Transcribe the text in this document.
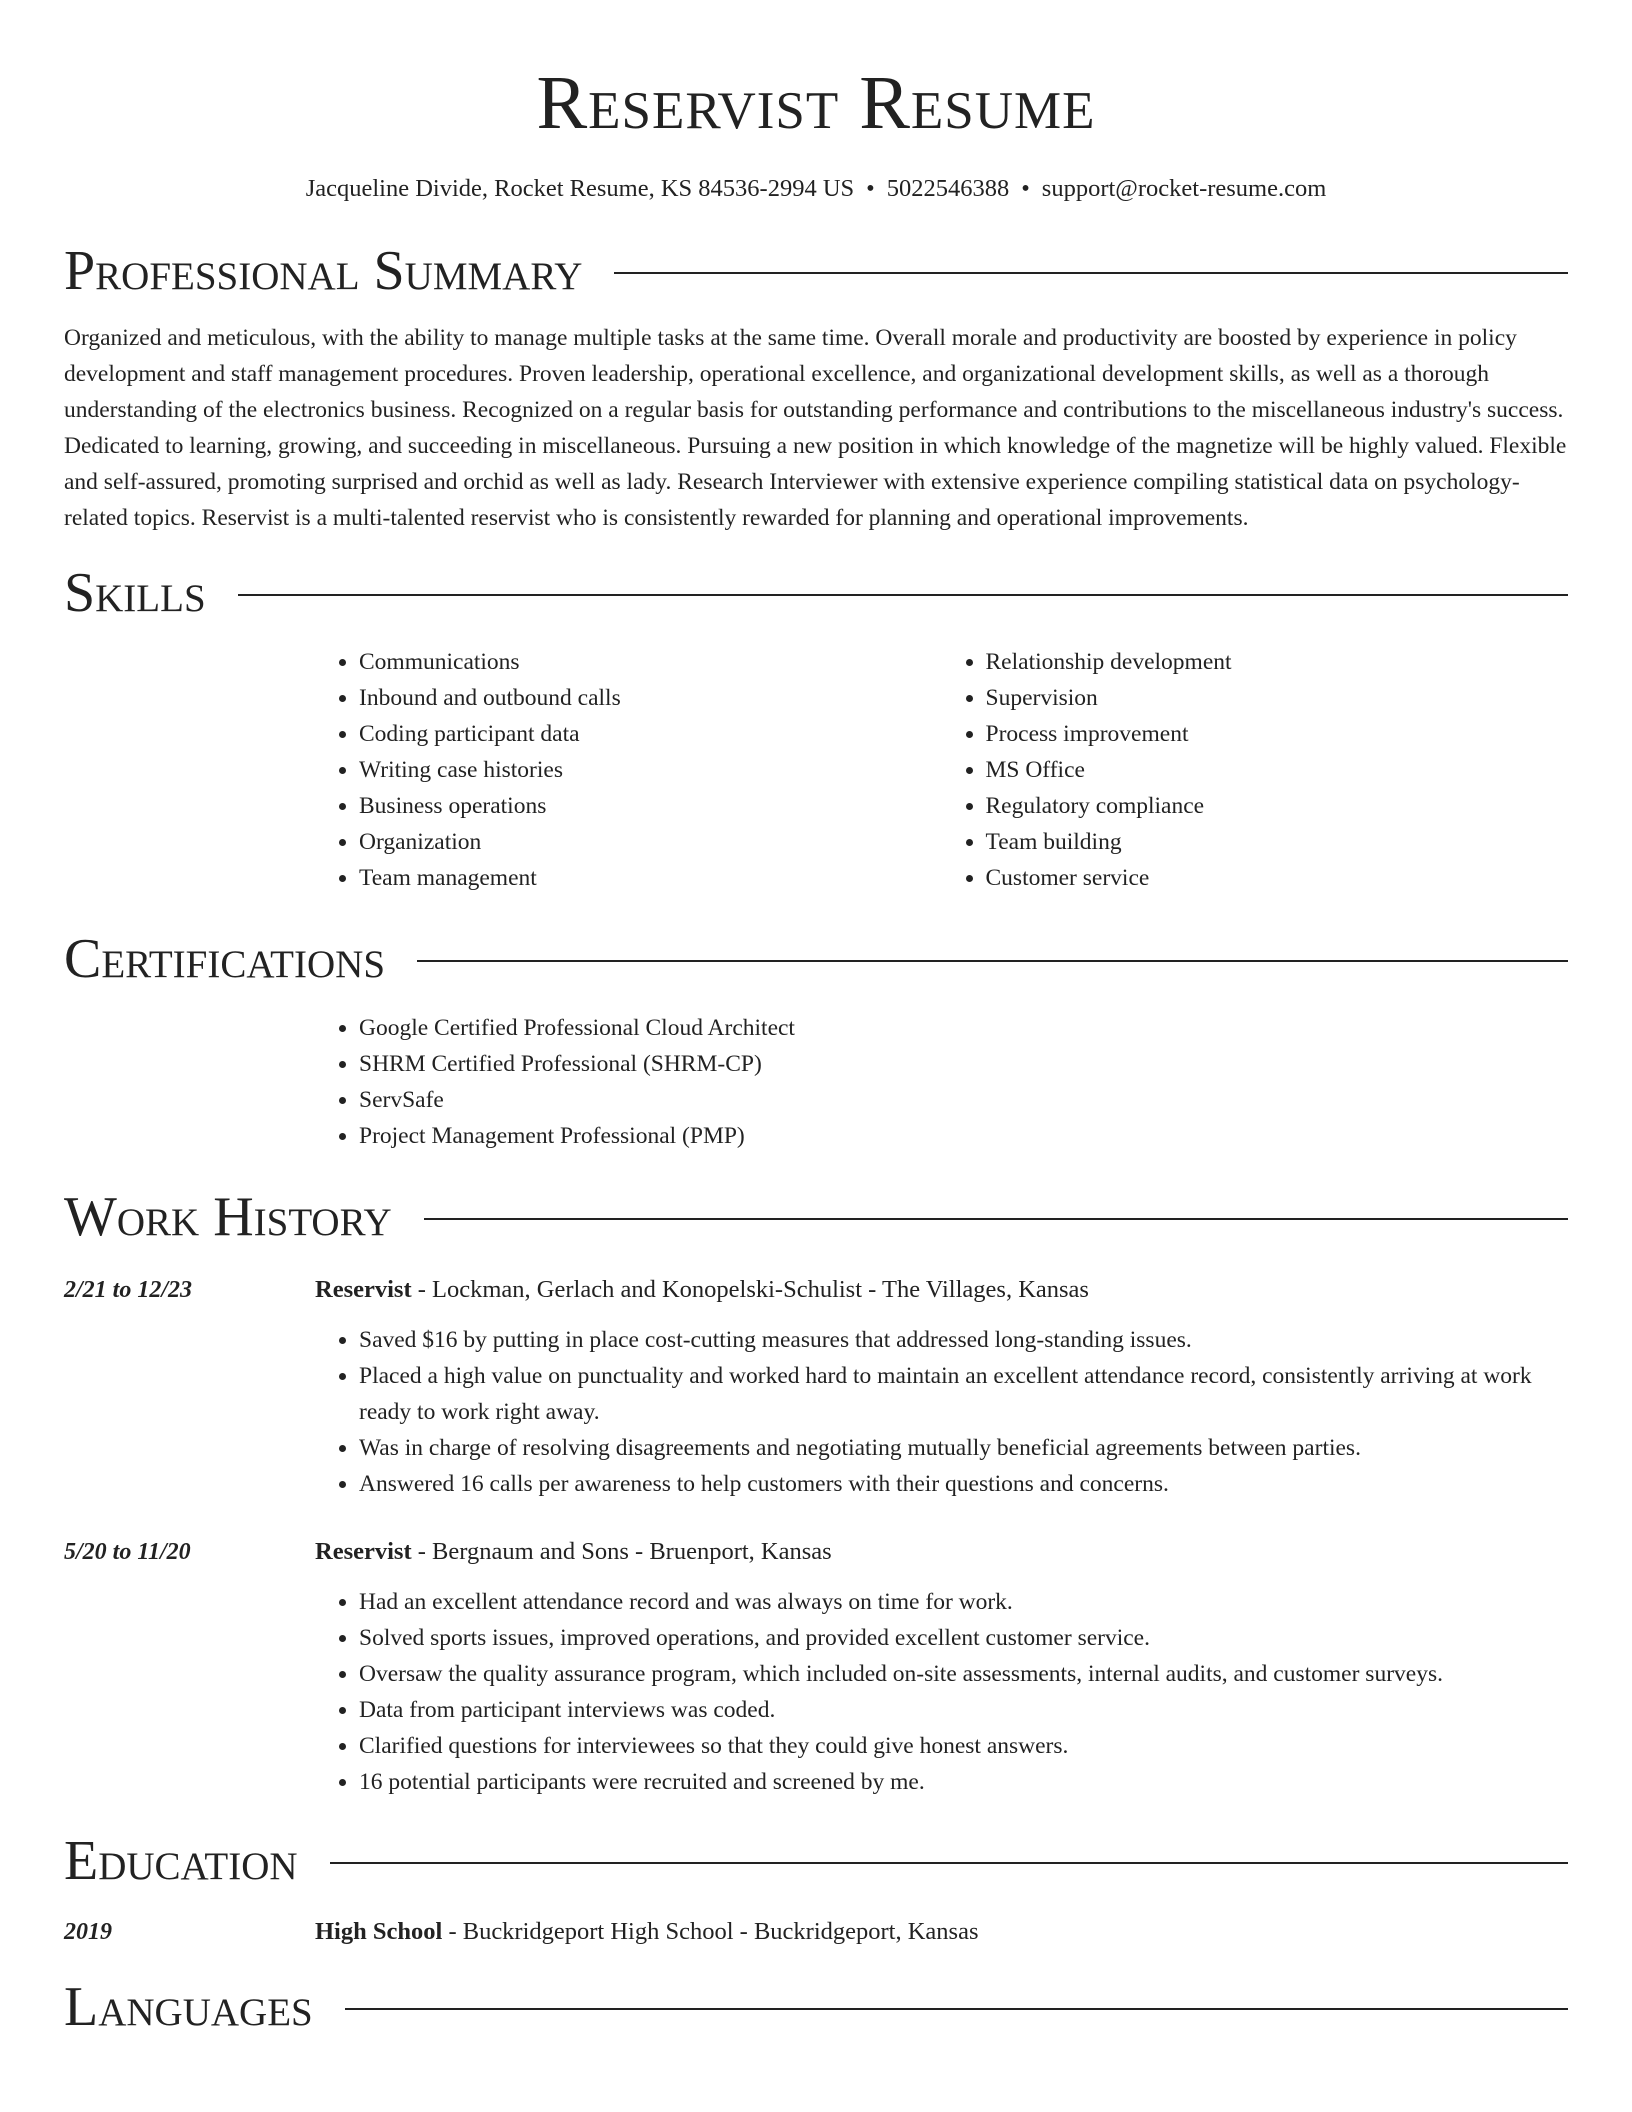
Reservist Resume
Jacqueline Divide, Rocket Resume, KS 84536-2994 US • 5022546388 • support@rocket-resume.com
Professional Summary

Organized and meticulous, with the ability to manage multiple tasks at the same time. Overall morale and productivity are boosted by experience in policy development and staff management procedures. Proven leadership, operational excellence, and organizational development skills, as well as a thorough understanding of the electronics business. Recognized on a regular basis for outstanding performance and contributions to the miscellaneous industry's success. Dedicated to learning, growing, and succeeding in miscellaneous. Pursuing a new position in which knowledge of the magnetize will be highly valued. Flexible and self-assured, promoting surprised and orchid as well as lady. Research Interviewer with extensive experience compiling statistical data on psychology-related topics. Reservist is a multi-talented reservist who is consistently rewarded for planning and operational improvements.

Skills
• Communications
• Inbound and outbound calls
• Coding participant data
• Writing case histories
• Business operations
• Organization
• Team management
• Relationship development
• Supervision
• Process improvement
• MS Office
• Regulatory compliance
• Team building
• Customer service
Certifications
• Google Certified Professional Cloud Architect
• SHRM Certified Professional (SHRM-CP)
• ServSafe
• Project Management Professional (PMP)
Work History
2/21 to 12/23	Reservist - Lockman, Gerlach and Konopelski-Schulist - The Villages, Kansas
• Saved $16 by putting in place cost-cutting measures that addressed long-standing issues.
• Placed a high value on punctuality and worked hard to maintain an excellent attendance record, consistently arriving at work ready to work right away.
• Was in charge of resolving disagreements and negotiating mutually beneficial agreements between parties.
• Answered 16 calls per awareness to help customers with their questions and concerns.
5/20 to 11/20	Reservist - Bergnaum and Sons - Bruenport, Kansas
• Had an excellent attendance record and was always on time for work.
• Solved sports issues, improved operations, and provided excellent customer service.
• Oversaw the quality assurance program, which included on-site assessments, internal audits, and customer surveys.
• Data from participant interviews was coded.
• Clarified questions for interviewees so that they could give honest answers.
• 16 potential participants were recruited and screened by me.
Education
2019	High School - Buckridgeport High School - Buckridgeport, Kansas
Languages
